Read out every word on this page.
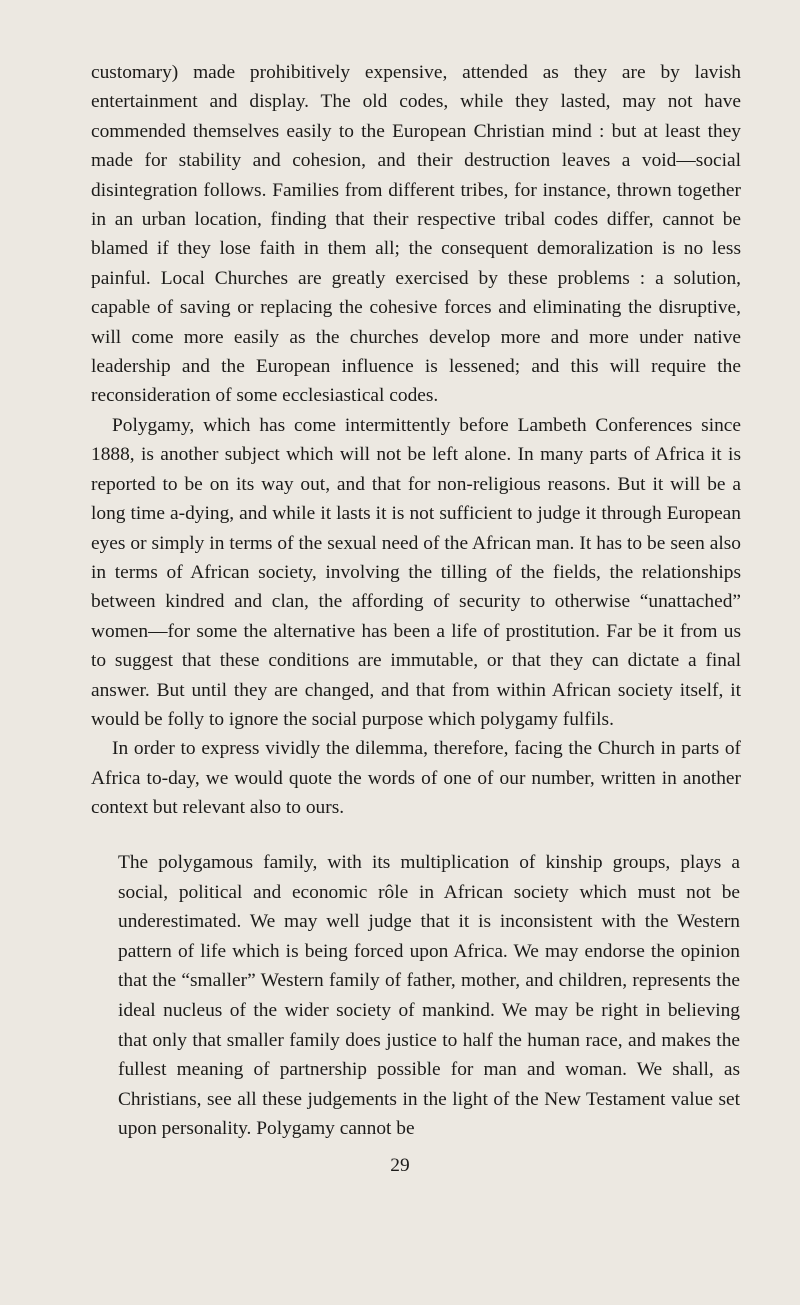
customary) made prohibitively expensive, attended as they are by lavish entertainment and display. The old codes, while they lasted, may not have commended themselves easily to the European Christian mind : but at least they made for stability and cohesion, and their destruction leaves a void—social disintegration follows. Families from different tribes, for instance, thrown together in an urban location, finding that their respective tribal codes differ, cannot be blamed if they lose faith in them all; the consequent demoralization is no less painful. Local Churches are greatly exercised by these problems : a solution, capable of saving or replacing the cohesive forces and eliminating the disruptive, will come more easily as the churches develop more and more under native leadership and the European influence is lessened; and this will require the reconsideration of some ecclesiastical codes.

Polygamy, which has come intermittently before Lambeth Conferences since 1888, is another subject which will not be left alone. In many parts of Africa it is reported to be on its way out, and that for non-religious reasons. But it will be a long time a-dying, and while it lasts it is not sufficient to judge it through European eyes or simply in terms of the sexual need of the African man. It has to be seen also in terms of African society, involving the tilling of the fields, the relationships between kindred and clan, the affording of security to otherwise “unattached” women—for some the alternative has been a life of prostitution. Far be it from us to suggest that these conditions are immutable, or that they can dictate a final answer. But until they are changed, and that from within African society itself, it would be folly to ignore the social purpose which polygamy fulfils.

In order to express vividly the dilemma, therefore, facing the Church in parts of Africa to-day, we would quote the words of one of our number, written in another context but relevant also to ours.

The polygamous family, with its multiplication of kinship groups, plays a social, political and economic rôle in African society which must not be underestimated. We may well judge that it is inconsistent with the Western pattern of life which is being forced upon Africa. We may endorse the opinion that the “smaller” Western family of father, mother, and children, represents the ideal nucleus of the wider society of mankind. We may be right in believing that only that smaller family does justice to half the human race, and makes the fullest meaning of partnership possible for man and woman. We shall, as Christians, see all these judgements in the light of the New Testament value set upon personality. Polygamy cannot be
29
